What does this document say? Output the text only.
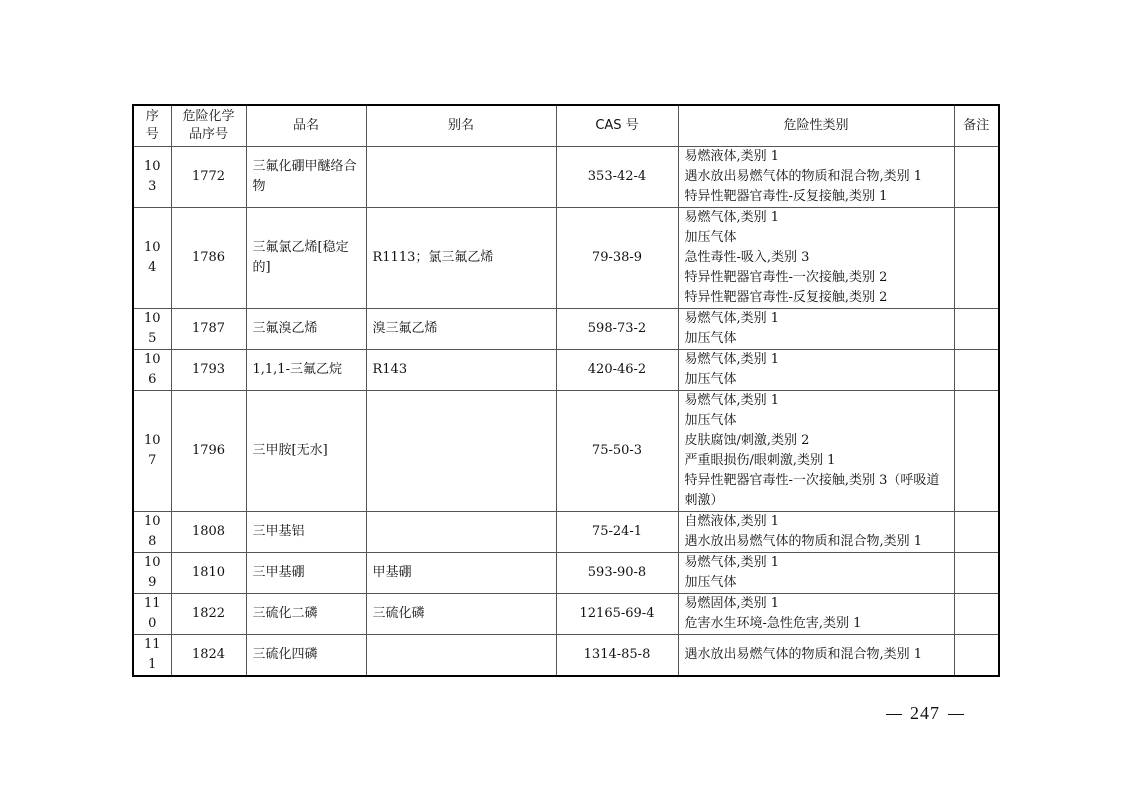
序号	危险化学品序号	品名	别名	CAS 号	危险性类别	备注
103	1772	三氟化硼甲醚络合物		353-42-4	易燃液体,类别 1
遇水放出易燃气体的物质和混合物,类别 1
特异性靶器官毒性-反复接触,类别 1	

104	1786	三氟氯乙烯[稳定的]	R1113；氯三氟乙烯	79-38-9	易燃气体,类别 1
加压气体
急性毒性-吸入,类别 3
特异性靶器官毒性-一次接触,类别 2
特异性靶器官毒性-反复接触,类别 2	

105	1787	三氟溴乙烯	溴三氟乙烯	598-73-2	易燃气体,类别 1
加压气体	

106	1793	1,1,1-三氟乙烷	R143	420-46-2	易燃气体,类别 1
加压气体	

107	1796	三甲胺[无水]		75-50-3	易燃气体,类别 1
加压气体
皮肤腐蚀/刺激,类别 2
严重眼损伤/眼刺激,类别 1
特异性靶器官毒性-一次接触,类别 3（呼吸道刺激）	

108	1808	三甲基铝		75-24-1	自燃液体,类别 1
遇水放出易燃气体的物质和混合物,类别 1	

109	1810	三甲基硼	甲基硼	593-90-8	易燃气体,类别 1
加压气体	

110	1822	三硫化二磷	三硫化磷	12165-69-4	易燃固体,类别 1
危害水生环境-急性危害,类别 1	

111	1824	三硫化四磷		1314-85-8	遇水放出易燃气体的物质和混合物,类别 1	

247
